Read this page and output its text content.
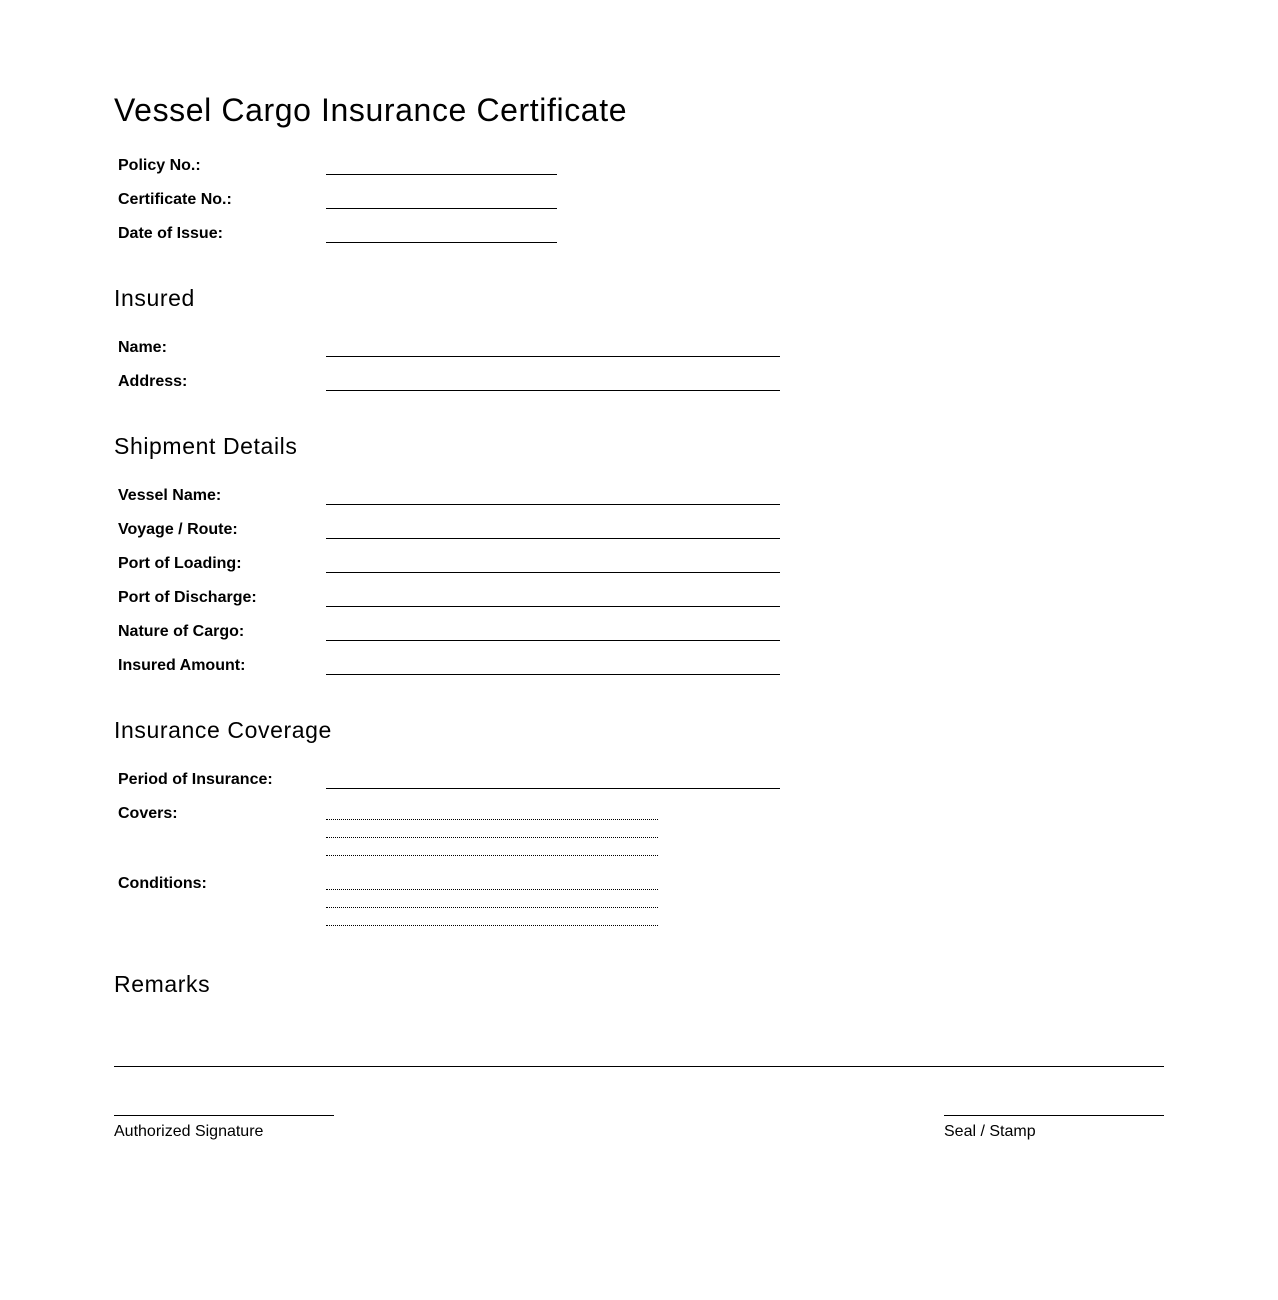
Vessel Cargo Insurance Certificate
Policy No.:
Certificate No.:
Date of Issue:
Insured
Name:
Address:
Shipment Details
Vessel Name:
Voyage / Route:
Port of Loading:
Port of Discharge:
Nature of Cargo:
Insured Amount:
Insurance Coverage
Period of Insurance:
Covers:
Conditions:
Remarks
Authorized Signature	Seal / Stamp
